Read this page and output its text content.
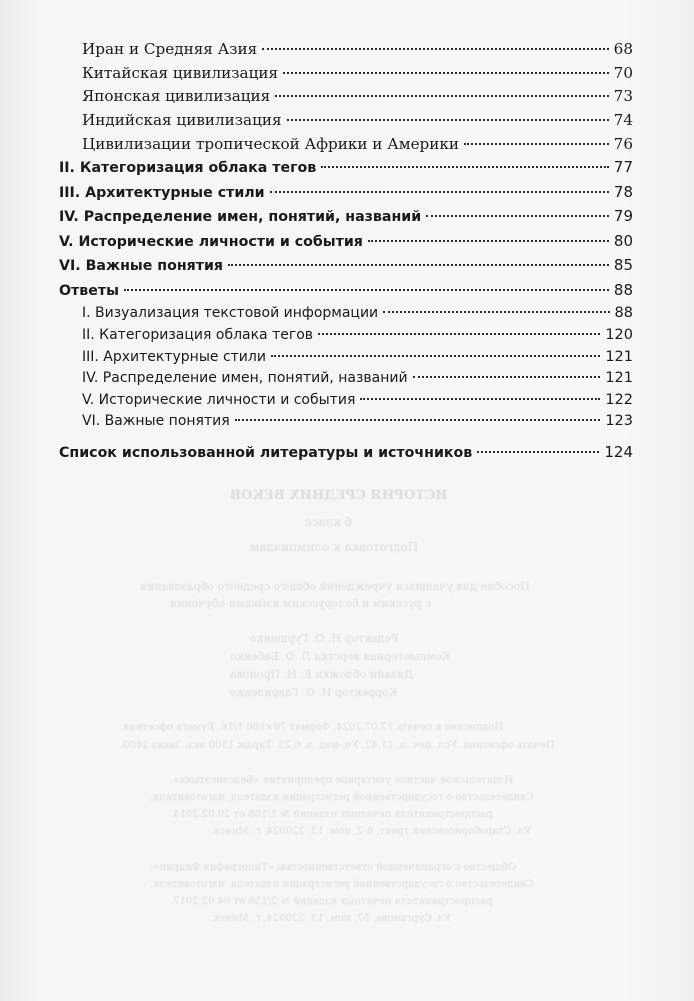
ИСТОРИЯ СРЕДНИХ ВЕКОВ
6 класс
Подготовка к олимпиадам
Пособие для учащихся учреждений общего среднего образования
с русским и белорусским языками обучения
Редактор Н. О. Гурщенко
Компьютерная верстка Л. О. Бабенко
Дизайн обложки Е. Н. Пронова
Корректор И. О. Гавриленко
Подписано в печать 17.07.2024. Формат 70×100 1/16. Бумага офсетная.
Печать офсетная. Усл. печ. л. 11,42. Уч.-изд. л. 6,23. Тираж 1500 экз. Заказ 2400.
Издательское частное унитарное предприятие «Белсэнсэтыка».
Свидетельство о государственной регистрации издателя, изготовителя,
распространителя печатных изданий № 1/108 от 20.02.2014.
Ул. Староборисовский тракт, 8-2, пом. 13, 220024, г. Минск.
Общество с ограниченной ответственностью «Типография Фидрин».
Свидетельство о государственной регистрации издателя, изготовителя,
распространителя печатных изданий № 2/150 от 04.02.2017.
Ул. Сурганова, 57, пом. 13, 220024, г. Минск.
Иран и Средняя Азия	68
Китайская цивилизация	70
Японская цивилизация	73
Индийская цивилизация	74
Цивилизации тропической Африки и Америки	76
II. Категоризация облака тегов	77
III. Архитектурные стили	78
IV. Распределение имен, понятий, названий	79
V. Исторические личности и события	80
VI. Важные понятия	85
Ответы	88
I. Визуализация текстовой информации	88
II. Категоризация облака тегов	120
III. Архитектурные стили	121
IV. Распределение имен, понятий, названий	121
V. Исторические личности и события	122
VI. Важные понятия	123
Список использованной литературы и источников	124
